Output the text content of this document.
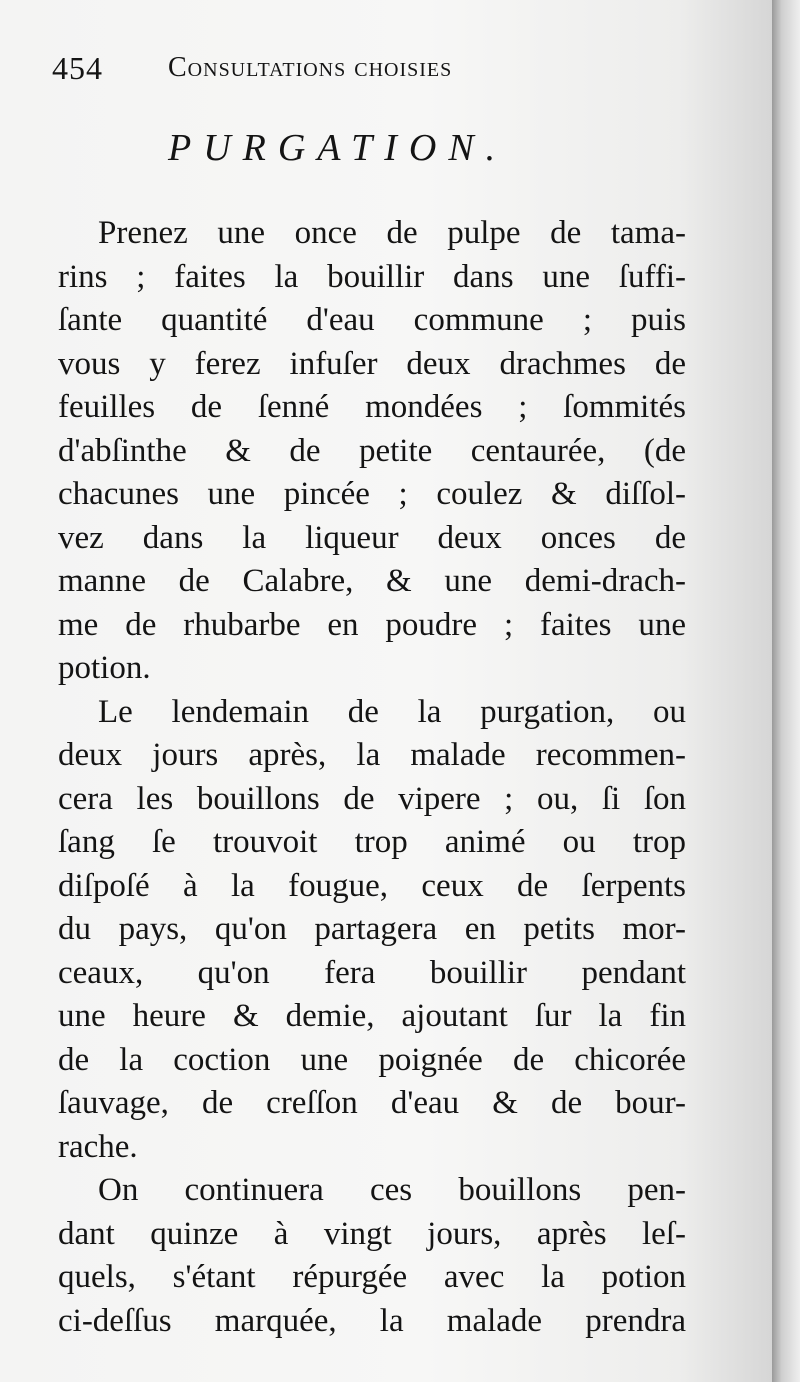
454 Consultations choisies
PURGATION.
Prenez une once de pulpe de tama-
rins ; faites la bouillir dans une ſuffi-
ſante quantité d'eau commune ; puis
vous y ferez infuſer deux drachmes de
feuilles de ſenné mondées ; ſommités
d'abſinthe & de petite centaurée, (de
chacunes une pincée ; coulez & diſſol-
vez dans la liqueur deux onces de
manne de Calabre, & une demi-drach-
me de rhubarbe en poudre ; faites une
potion.
Le lendemain de la purgation, ou
deux jours après, la malade recommen-
cera les bouillons de vipere ; ou, ſi ſon
ſang ſe trouvoit trop animé ou trop
diſpoſé à la fougue, ceux de ſerpents
du pays, qu'on partagera en petits mor-
ceaux, qu'on fera bouillir pendant
une heure & demie, ajoutant ſur la fin
de la coction une poignée de chicorée
ſauvage, de creſſon d'eau & de bour-
rache.
On continuera ces bouillons pen-
dant quinze à vingt jours, après leſ-
quels, s'étant répurgée avec la potion
ci-deſſus marquée, la malade prendra
